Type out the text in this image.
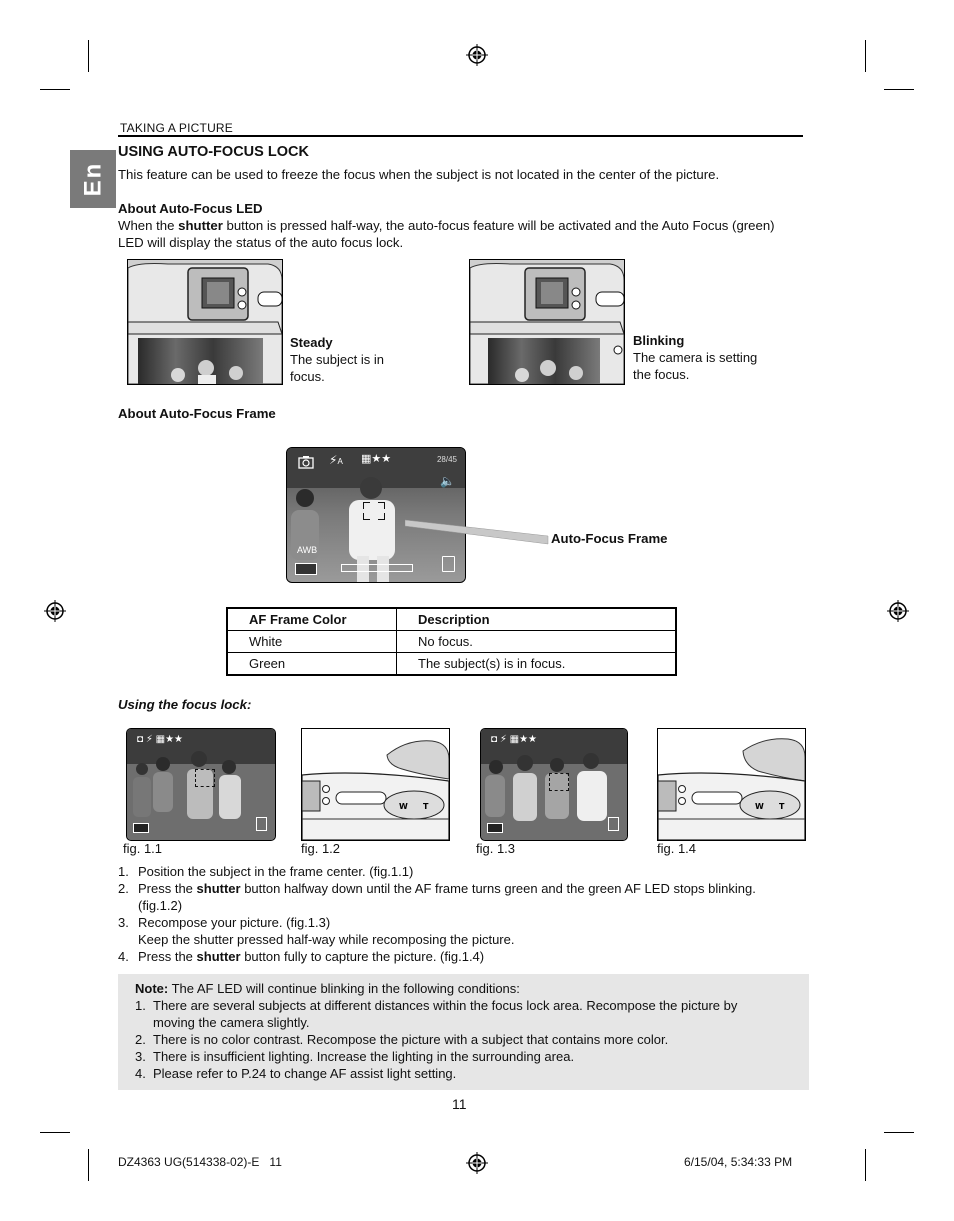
TAKING A PICTURE
En
USING AUTO-FOCUS LOCK
This feature can be used to freeze the focus when the subject is not located in the center of the picture.
About Auto-Focus LED
When the shutter button is pressed half-way, the auto-focus feature will be activated and the Auto Focus (green)
LED will display the status of the auto focus lock.
Steady
The subject is in
focus.
Blinking
The camera is setting
the focus.
About Auto-Focus Frame
⚡A ▦★★	28/45
🔈
AWB
Auto-Focus Frame
AF Frame Color	Description
White	No focus.
Green	The subject(s) is in focus.
Using the focus lock:
◘ ⚡ ▦★★	◘ ⚡ ▦★★
W T	W T
fig. 1.1	fig. 1.2	fig. 1.3	fig. 1.4
1. Position the subject in the frame center. (fig.1.1)
2. Press the shutter button halfway down until the AF frame turns green and the green AF LED stops blinking.
(fig.1.2)
3. Recompose your picture. (fig.1.3)
Keep the shutter pressed half-way while recomposing the picture.
4. Press the shutter button fully to capture the picture. (fig.1.4)
Note: The AF LED will continue blinking in the following conditions:
1. There are several subjects at different distances within the focus lock area. Recompose the picture by
moving the camera slightly.
2. There is no color contrast. Recompose the picture with a subject that contains more color.
3. There is insufficient lighting. Increase the lighting in the surrounding area.
4. Please refer to P.24 to change AF assist light setting.
11
DZ4363 UG(514338-02)-E   11	6/15/04, 5:34:33 PM
